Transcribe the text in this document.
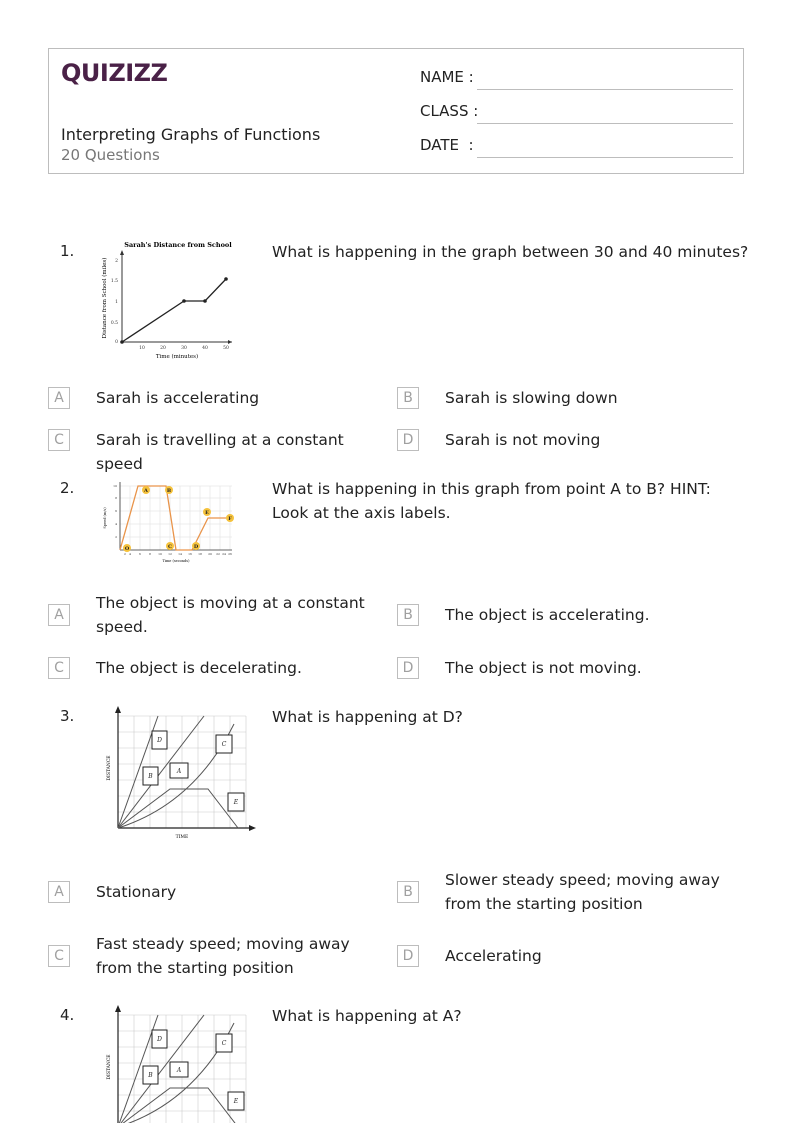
QUIZIZZ
Interpreting Graphs of Functions
20 Questions
NAME :
CLASS :
DATE  :
1.	Sarah's Distance from School
10	20	30	40	50
0
0.5
1
1.5
2
Time (minutes)
Distance from School (miles)
What is happening in the graph between 30 and 40 minutes?
A	Sarah is accelerating	B	Sarah is slowing down
C	Sarah is travelling at a constant speed
D	Sarah is not moving
2.
O
A	B
C	D
E
F
2 4	6	8 10 12 14 16 18 20 22 24 26
2
4
6
8
10
Time (seconds)
Speed (m/s)
What is happening in this graph from point A to B? HINT: Look at the axis labels.
A
The object is moving at a constant speed.
B	The object is accelerating.
C	The object is decelerating.	D	The object is not moving.
3.
D
C
B
A
E
TIME
DISTANCE
What is happening at D?
A	Stationary	B
Slower steady speed; moving away from the starting position
C
Fast steady speed; moving away from the starting position
D	Accelerating
4.
D
C
B
A
E
DISTANCE
What is happening at A?
